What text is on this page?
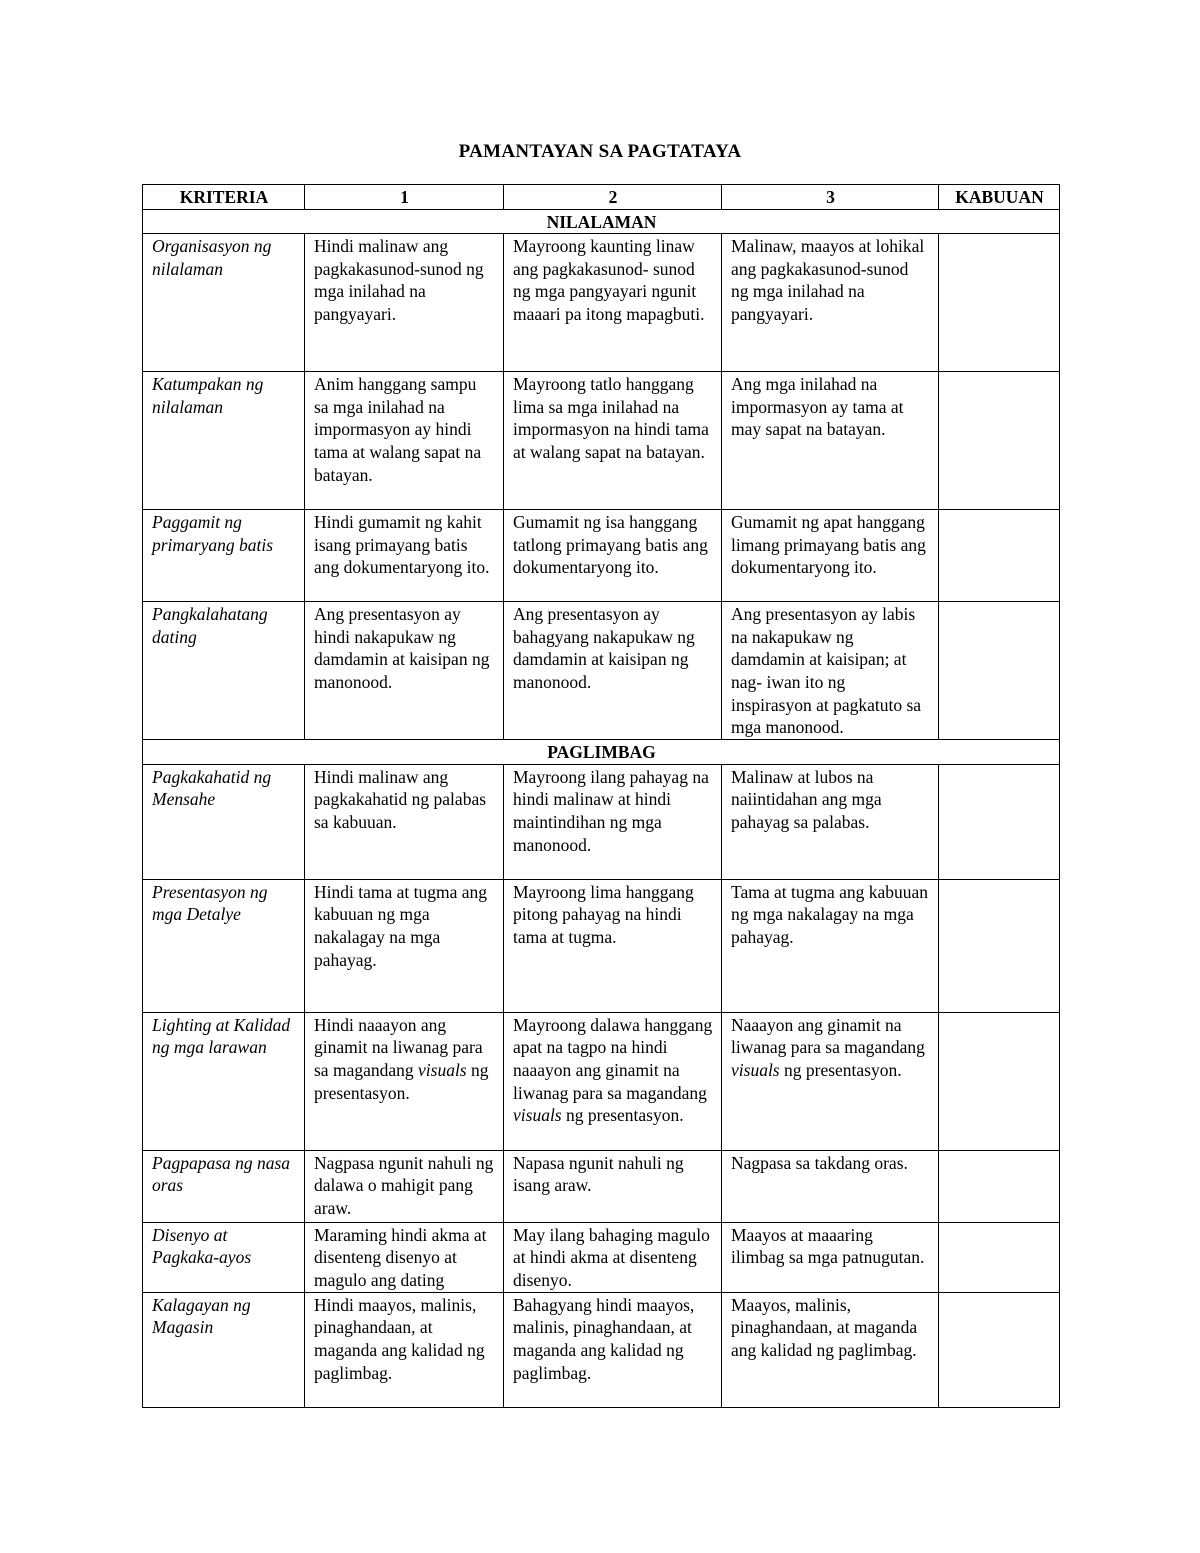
PAMANTAYAN SA PAGTATAYA
KRITERIA	1	2	3	KABUUAN
NILALAMAN				
Organisasyon ng nilalaman	Hindi malinaw ang pagkakasunod-sunod ng mga inilahad na pangyayari.	Mayroong kaunting linaw ang pagkakasunod- sunod ng mga pangyayari ngunit maaari pa itong mapagbuti.	Malinaw, maayos at lohikal ang pagkakasunod-sunod ng mga inilahad na pangyayari.	
Katumpakan ng nilalaman	Anim hanggang sampu sa mga inilahad na impormasyon ay hindi tama at walang sapat na batayan.	Mayroong tatlo hanggang lima sa mga inilahad na impormasyon na hindi tama at walang sapat na batayan.	Ang mga inilahad na impormasyon ay tama at may sapat na batayan.	
Paggamit ng primaryang batis	Hindi gumamit ng kahit isang primayang batis ang dokumentaryong ito.	Gumamit ng isa hanggang tatlong primayang batis ang dokumentaryong ito.	Gumamit ng apat hanggang limang primayang batis ang dokumentaryong ito.	
Pangkalahatang dating	Ang presentasyon ay hindi nakapukaw ng damdamin at kaisipan ng manonood.	Ang presentasyon ay bahagyang nakapukaw ng damdamin at kaisipan ng manonood.	Ang presentasyon ay labis na nakapukaw ng damdamin at kaisipan; at nag- iwan ito ng inspirasyon at pagkatuto sa mga manonood.	
PAGLIMBAG				
Pagkakahatid ng Mensahe	Hindi malinaw ang pagkakahatid ng palabas sa kabuuan.	Mayroong ilang pahayag na hindi malinaw at hindi maintindihan ng mga manonood.	Malinaw at lubos na naiintidahan ang mga pahayag sa palabas.	
Presentasyon ng mga Detalye	Hindi tama at tugma ang kabuuan ng mga nakalagay na mga pahayag.	Mayroong lima hanggang pitong pahayag na hindi tama at tugma.	Tama at tugma ang kabuuan ng mga nakalagay na mga pahayag.	
Lighting at Kalidad ng mga larawan	Hindi naaayon ang ginamit na liwanag para sa magandang visuals ng presentasyon.	Mayroong dalawa hanggang apat na tagpo na hindi naaayon ang ginamit na liwanag para sa magandang visuals ng presentasyon.	Naaayon ang ginamit na liwanag para sa magandang visuals ng presentasyon.	
Pagpapasa ng nasa oras	Nagpasa ngunit nahuli ng dalawa o mahigit pang araw.	Napasa ngunit nahuli ng isang araw.	Nagpasa sa takdang oras.	
Disenyo at Pagkaka-ayos	Maraming hindi akma at disenteng disenyo at magulo ang dating	May ilang bahaging magulo at hindi akma at disenteng disenyo.	Maayos at maaaring ilimbag sa mga patnugutan.	
Kalagayan ng Magasin	Hindi maayos, malinis, pinaghandaan, at maganda ang kalidad ng paglimbag.	Bahagyang hindi maayos, malinis, pinaghandaan, at maganda ang kalidad ng paglimbag.	Maayos, malinis, pinaghandaan, at maganda ang kalidad ng paglimbag.	
